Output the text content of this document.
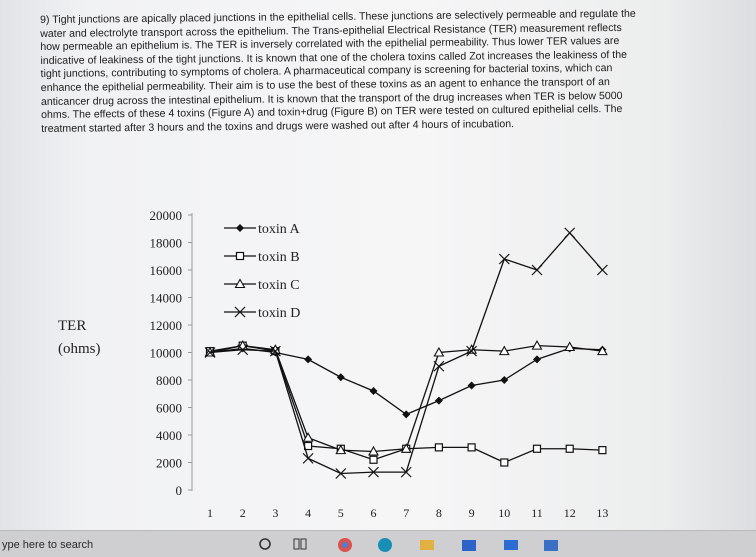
9) Tight junctions are apically placed junctions in the epithelial cells. These junctions are selectively permeable and regulate the water and electrolyte transport across the epithelium. The Trans-epithelial Electrical Resistance (TER) measurement reflects how permeable an epithelium is. The TER is inversely correlated with the epithelial permeability. Thus lower TER values are indicative of leakiness of the tight junctions. It is known that one of the cholera toxins called Zot increases the leakiness of the tight junctions, contributing to symptoms of cholera. A pharmaceutical company is screening for bacterial toxins, which can enhance the epithelial permeability. Their aim is to use the best of these toxins as an agent to enhance the transport of an anticancer drug across the intestinal epithelium. It is known that the transport of the drug increases when TER is below 5000 ohms. The effects of these 4 toxins (Figure A) and toxin+drug (Figure B) on TER were tested on cultured epithelial cells. The treatment started after 3 hours and the toxins and drugs were washed out after 4 hours of incubation.
TER
(ohms)
20000
18000
16000
14000
12000
10000
8000
6000
4000
2000
0
1 2 3 4 5 6 7 8 9 10 11 12 13
toxin A
toxin B
toxin C
toxin D
ype here to search
